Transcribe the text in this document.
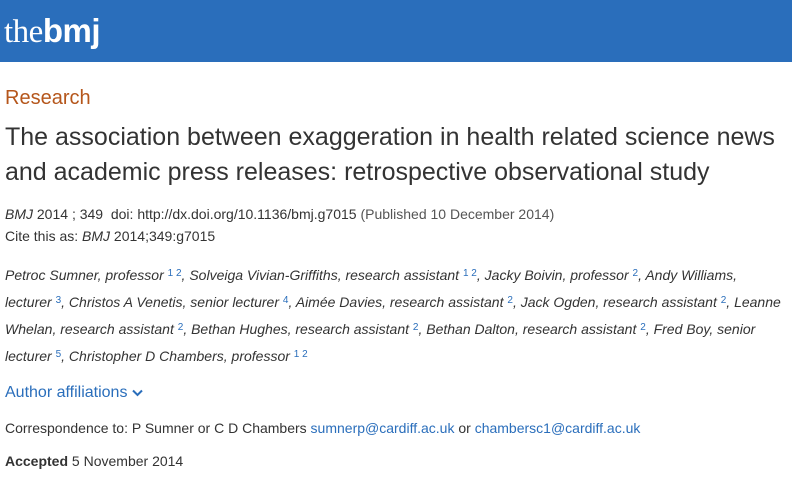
thebmj
Research
The association between exaggeration in health related science news and academic press releases: retrospective observational study
BMJ 2014 ; 349 doi: http://dx.doi.org/10.1136/bmj.g7015 (Published 10 December 2014)
Cite this as: BMJ 2014;349:g7015
Petroc Sumner, professor $^{1 2}$, Solveiga Vivian-Griffiths, research assistant $^{1 2}$, Jacky Boivin, professor $^2$, Andy Williams, lecturer $^3$, Christos A Venetis, senior lecturer $^4$, Aimée Davies, research assistant $^2$, Jack Ogden, research assistant $^2$, Leanne Whelan, research assistant $^2$, Bethan Hughes, research assistant $^2$, Bethan Dalton, research assistant $^2$, Fred Boy, senior lecturer $^5$, Christopher D Chambers, professor $^{1 2}$
Author affiliations
Correspondence to: P Sumner or C D Chambers sumnerp@cardiff.ac.uk or chambersc1@cardiff.ac.uk
Accepted 5 November 2014
